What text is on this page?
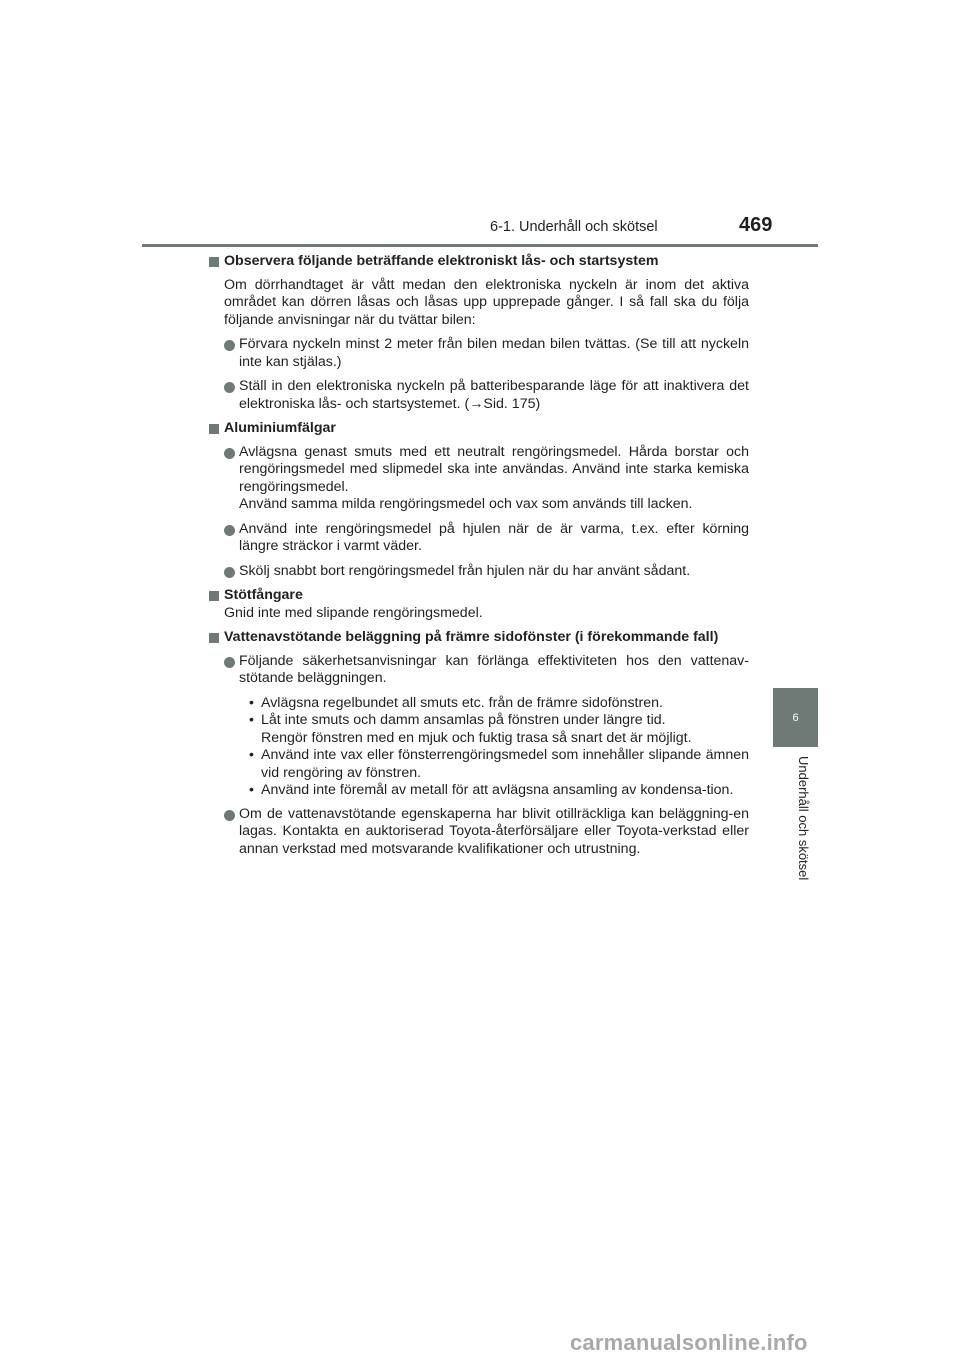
6-1. Underhåll och skötsel	469
6
Underhåll och skötsel
Observera följande beträffande elektroniskt lås- och startsystem
Om dörrhandtaget är vått medan den elektroniska nyckeln är inom det aktiva området kan dörren låsas och låsas upp upprepade gånger. I så fall ska du följa följande anvisningar när du tvättar bilen:
Förvara nyckeln minst 2 meter från bilen medan bilen tvättas. (Se till att nyckeln inte kan stjälas.)
Ställ in den elektroniska nyckeln på batteribesparande läge för att inaktivera det elektroniska lås- och startsystemet. (→Sid. 175)
Aluminiumfälgar
Avlägsna genast smuts med ett neutralt rengöringsmedel. Hårda borstar och rengöringsmedel med slipmedel ska inte användas. Använd inte starka kemiska rengöringsmedel.
Använd samma milda rengöringsmedel och vax som används till lacken.
Använd inte rengöringsmedel på hjulen när de är varma, t.ex. efter körning längre sträckor i varmt väder.
Skölj snabbt bort rengöringsmedel från hjulen när du har använt sådant.
Stötfångare
Gnid inte med slipande rengöringsmedel.
Vattenavstötande beläggning på främre sidofönster (i förekommande fall)
Följande säkerhetsanvisningar kan förlänga effektiviteten hos den vattenav-stötande beläggningen.
• Avlägsna regelbundet all smuts etc. från de främre sidofönstren.
• Låt inte smuts och damm ansamlas på fönstren under längre tid.
Rengör fönstren med en mjuk och fuktig trasa så snart det är möjligt.
• Använd inte vax eller fönsterrengöringsmedel som innehåller slipande ämnen vid rengöring av fönstren.
• Använd inte föremål av metall för att avlägsna ansamling av kondensa-tion.
Om de vattenavstötande egenskaperna har blivit otillräckliga kan beläggning-en lagas. Kontakta en auktoriserad Toyota-återförsäljare eller Toyota-verkstad eller annan verkstad med motsvarande kvalifikationer och utrustning.
carmanualsonline.info
